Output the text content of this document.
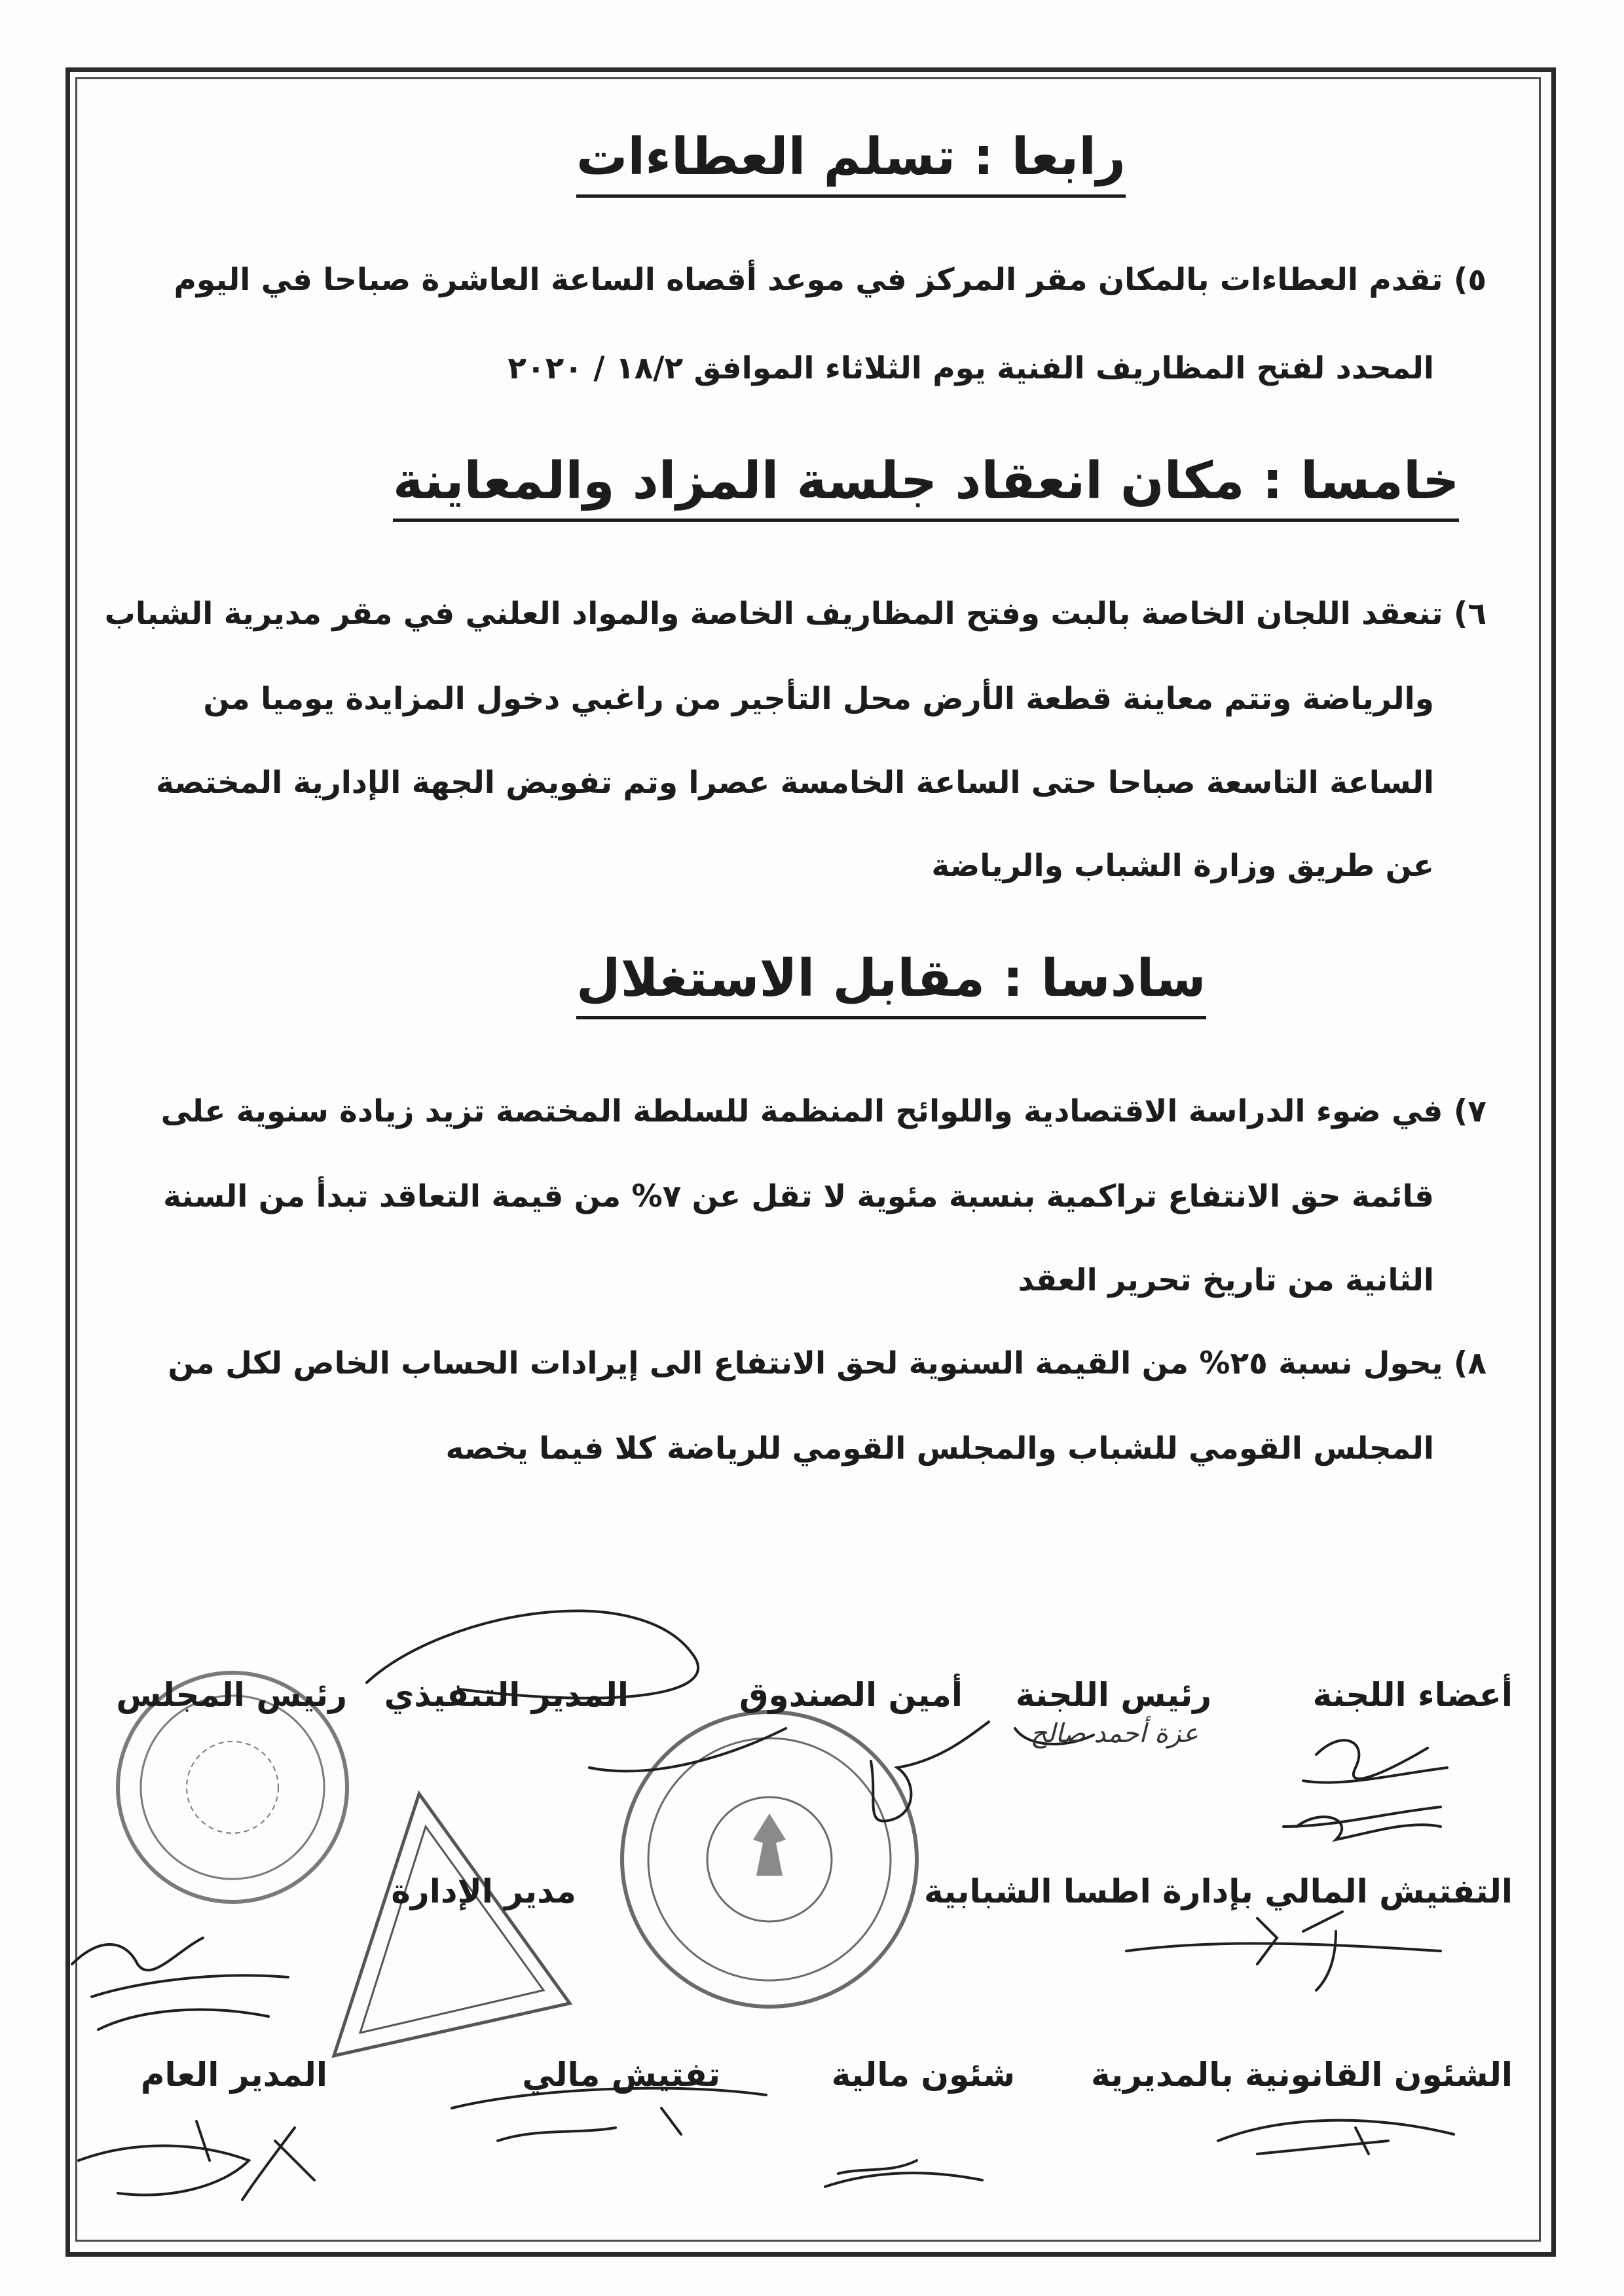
رابعا : تسلم العطاءات
٥) تقدم العطاءات بالمكان مقر المركز في موعد أقصاه الساعة العاشرة صباحا في اليوم
المحدد لفتح المظاريف الفنية يوم الثلاثاء الموافق ١٨/٢ / ٢٠٢٠
خامسا : مكان انعقاد جلسة المزاد والمعاينة
٦) تنعقد اللجان الخاصة بالبت وفتح المظاريف الخاصة والمواد العلني في مقر مديرية الشباب
والرياضة وتتم معاينة قطعة الأرض محل التأجير من راغبي دخول المزايدة يوميا من
الساعة التاسعة صباحا حتى الساعة الخامسة عصرا وتم تفويض الجهة الإدارية المختصة
عن طريق وزارة الشباب والرياضة
سادسا : مقابل الاستغلال
٧) في ضوء الدراسة الاقتصادية واللوائح المنظمة للسلطة المختصة تزيد زيادة سنوية على
قائمة حق الانتفاع تراكمية بنسبة مئوية لا تقل عن ٧% من قيمة التعاقد تبدأ من السنة
الثانية من تاريخ تحرير العقد
٨) يحول نسبة ٢٥% من القيمة السنوية لحق الانتفاع الى إيرادات الحساب الخاص لكل من
المجلس القومي للشباب والمجلس القومي للرياضة كلا فيما يخصه
أعضاء اللجنة
رئيس اللجنة
عزة أحمد صالح
أمين الصندوق
المدير التنفيذي
رئيس المجلس
التفتيش المالي بإدارة اطسا الشبابية
مدير الإدارة
الشئون القانونية بالمديرية
شئون مالية
تفتيش مالي
المدير العام
